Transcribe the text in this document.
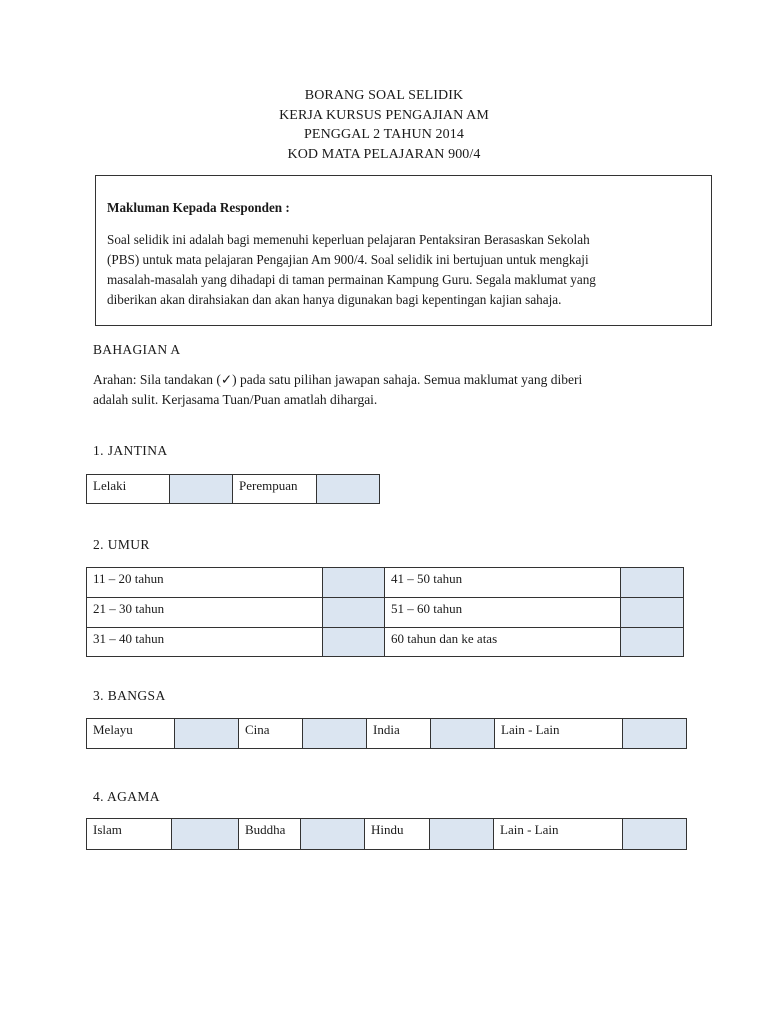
BORANG SOAL SELIDIK
KERJA KURSUS PENGAJIAN AM
PENGGAL 2 TAHUN 2014
KOD MATA PELAJARAN 900/4
Makluman Kepada Responden :
Soal selidik ini adalah bagi memenuhi keperluan pelajaran Pentaksiran Berasaskan Sekolah
(PBS) untuk mata pelajaran Pengajian Am 900/4. Soal selidik ini bertujuan untuk mengkaji
masalah-masalah yang dihadapi di taman permainan Kampung Guru. Segala maklumat yang
diberikan akan dirahsiakan dan akan hanya digunakan bagi kepentingan kajian sahaja.
BAHAGIAN A
Arahan: Sila tandakan (✓) pada satu pilihan jawapan sahaja. Semua maklumat yang diberi
adalah sulit. Kerjasama Tuan/Puan amatlah dihargai.
1. JANTINA
Lelaki		Perempuan	
2. UMUR
11 – 20 tahun		41 – 50 tahun	
21 – 30 tahun		51 – 60 tahun	
31 – 40 tahun		60 tahun dan ke atas	
3. BANGSA
Melayu		Cina		India		Lain - Lain	
4. AGAMA
Islam		Buddha		Hindu		Lain - Lain	
